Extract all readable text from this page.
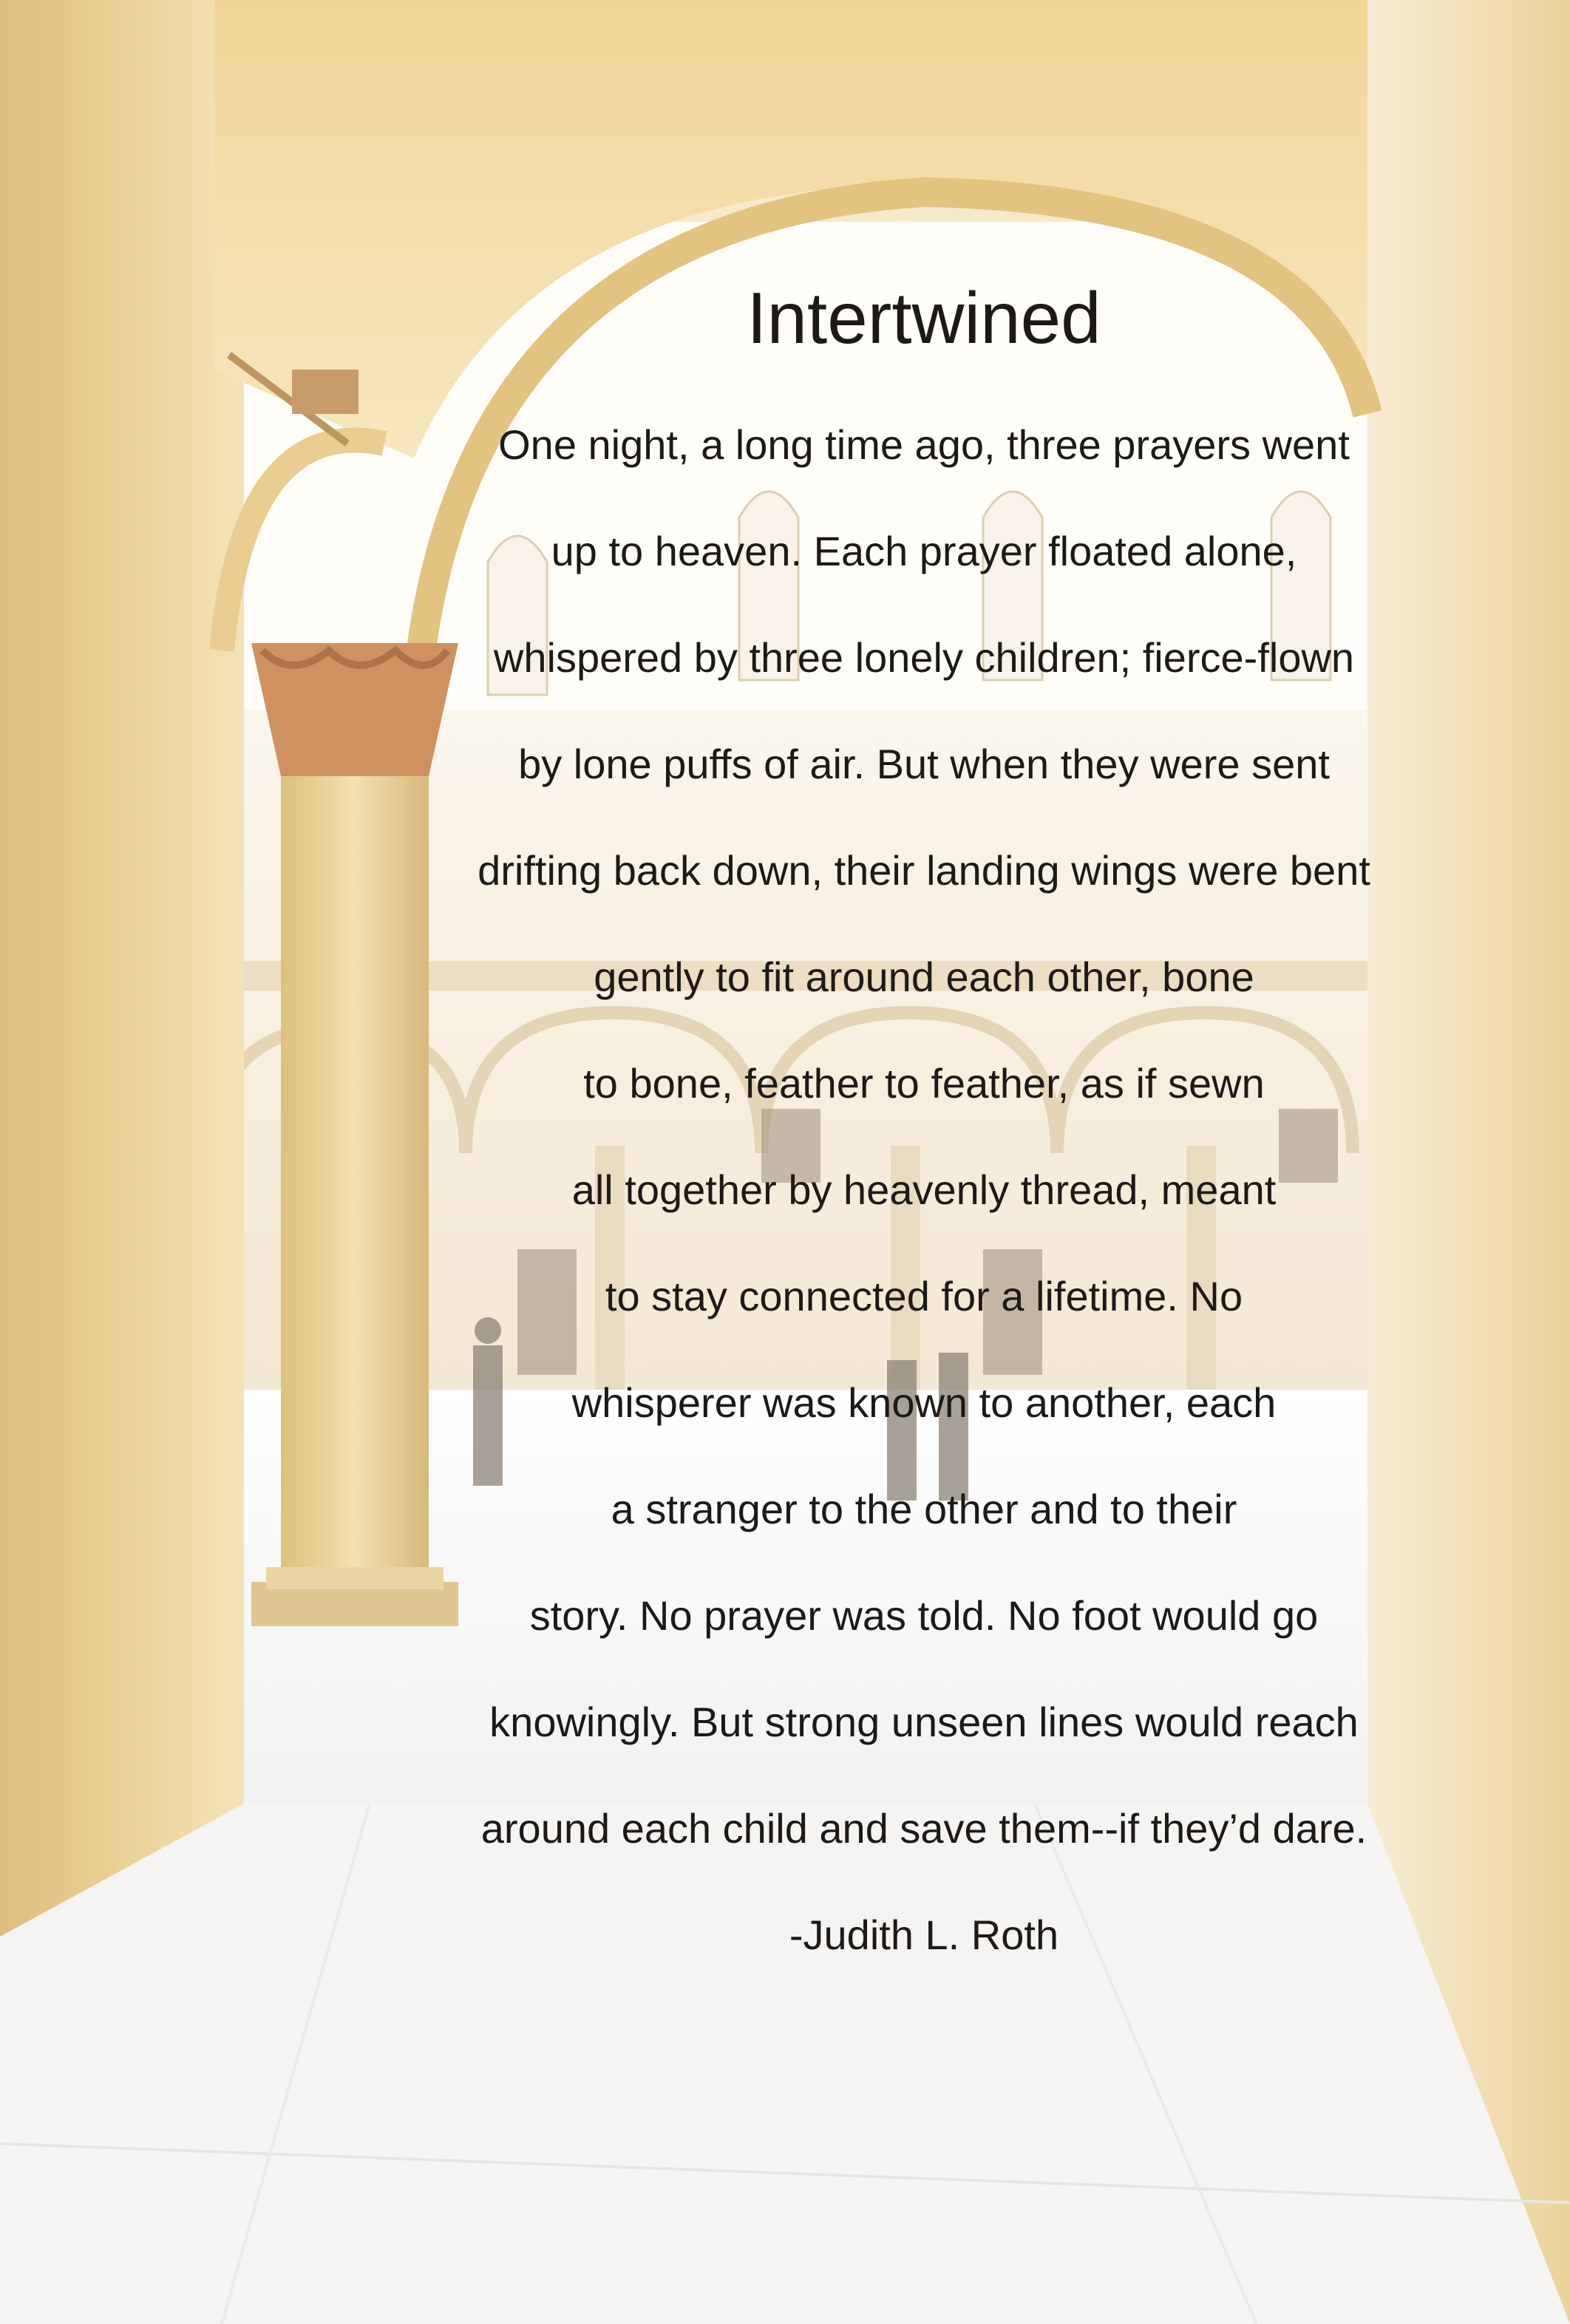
Intertwined
One night, a long time ago, three prayers went
up to heaven. Each prayer floated alone,
whispered by three lonely children; fierce-flown
by lone puffs of air. But when they were sent
drifting back down, their landing wings were bent
gently to fit around each other, bone
to bone, feather to feather, as if sewn
all together by heavenly thread, meant
to stay connected for a lifetime. No
whisperer was known to another, each
a stranger to the other and to their
story. No prayer was told. No foot would go
knowingly. But strong unseen lines would reach
around each child and save them--if they’d dare.
-Judith L. Roth
